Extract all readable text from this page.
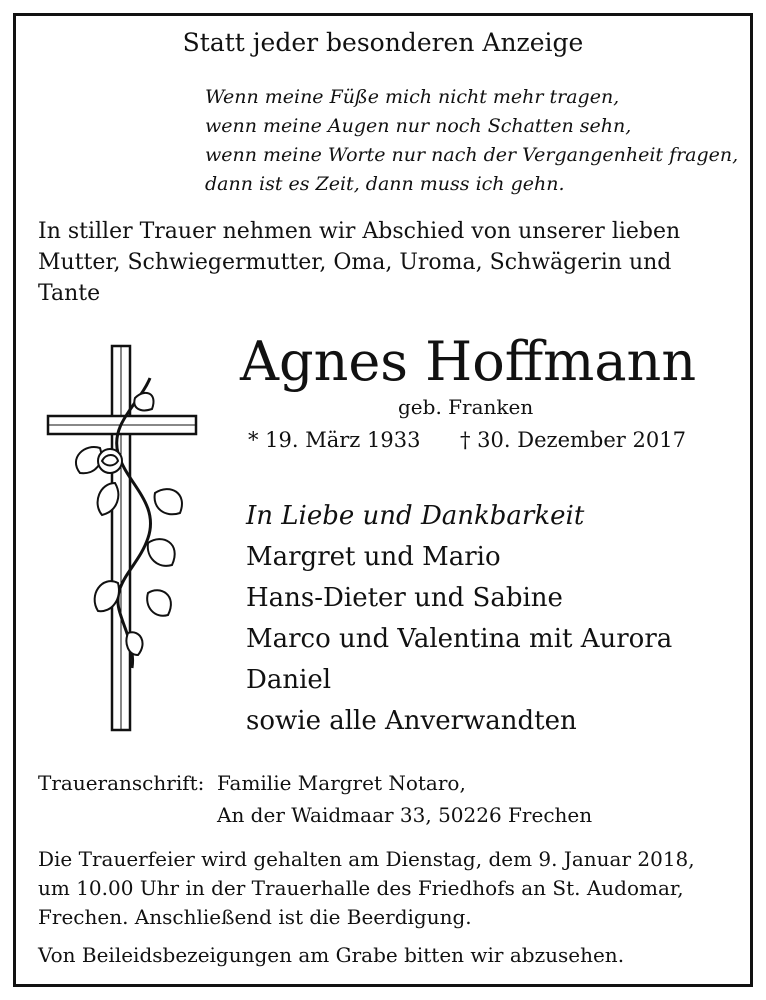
Statt jeder besonderen Anzeige

Wenn meine Füße mich nicht mehr tragen,
wenn meine Augen nur noch Schatten sehn,
wenn meine Worte nur nach der Vergangenheit fragen,
dann ist es Zeit, dann muss ich gehn.

In stiller Trauer nehmen wir Abschied von unserer lieben Mutter, Schwiegermutter, Oma, Uroma, Schwägerin und Tante

Agnes Hoffmann

geb. Franken

* 19. März 1933 † 30. Dezember 2017

In Liebe und Dankbarkeit
Margret und Mario
Hans-Dieter und Sabine
Marco und Valentina mit Aurora
Daniel
sowie alle Anverwandten

Traueranschrift: Familie Margret Notaro,

An der Waidmaar 33, 50226 Frechen

Die Trauerfeier wird gehalten am Dienstag, dem 9. Januar 2018,
um 10.00 Uhr in der Trauerhalle des Friedhofs an St. Audomar,
Frechen. Anschließend ist die Beerdigung.

Von Beileidsbezeigungen am Grabe bitten wir abzusehen.
